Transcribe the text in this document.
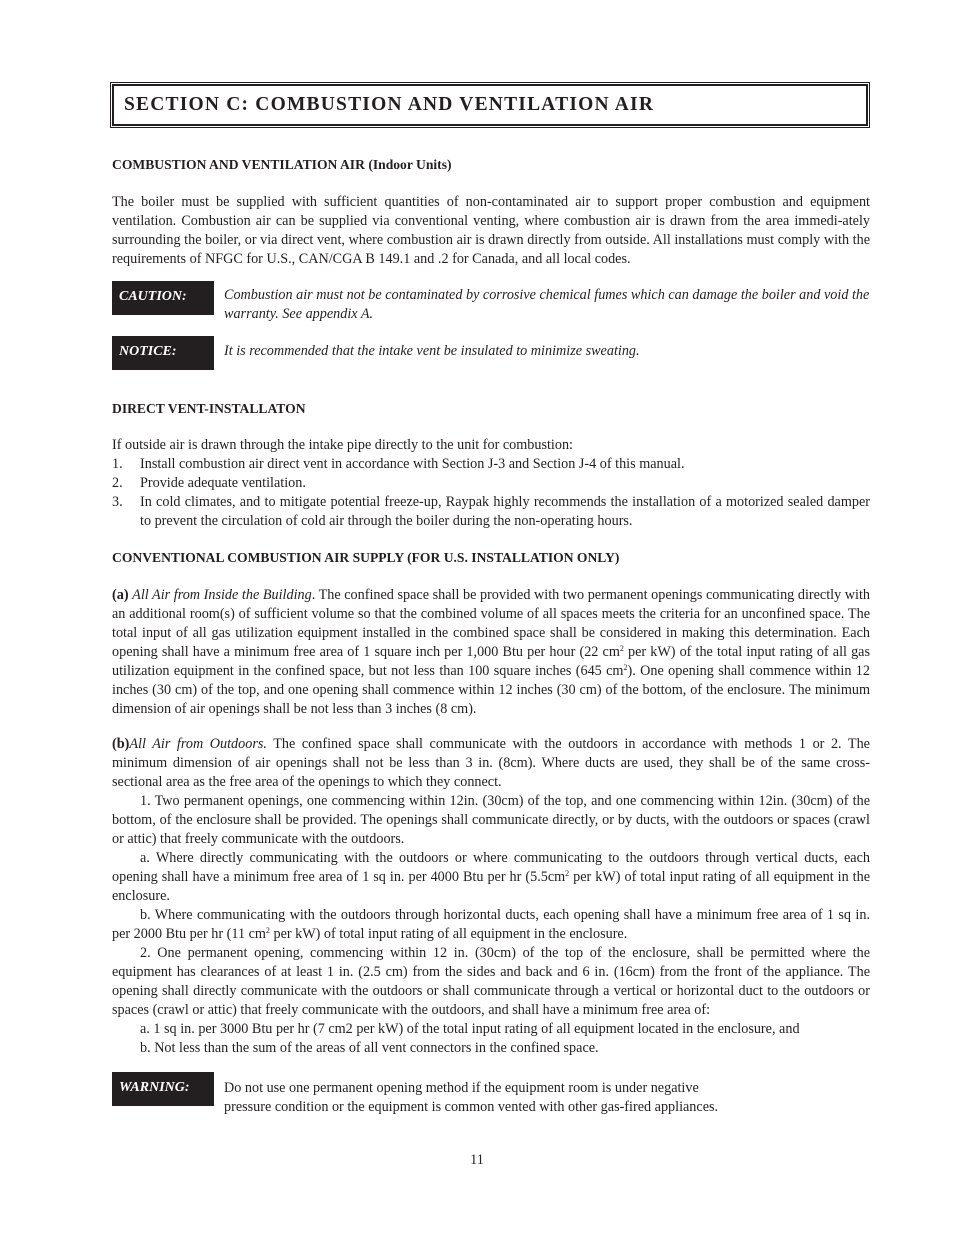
SECTION C: COMBUSTION AND VENTILATION AIR
COMBUSTION AND VENTILATION AIR (Indoor Units)

The boiler must be supplied with sufficient quantities of non-contaminated air to support proper combustion and equipment ventilation. Combustion air can be supplied via conventional venting, where combustion air is drawn from the area immedi-ately surrounding the boiler, or via direct vent, where combustion air is drawn directly from outside. All installations must comply with the requirements of NFGC for U.S., CAN/CGA B 149.1 and .2 for Canada, and all local codes.

CAUTION:	Combustion air must not be contaminated by corrosive chemical fumes which can damage the boiler and void the warranty. See appendix A.
NOTICE:	It is recommended that the intake vent be insulated to minimize sweating.
DIRECT VENT-INSTALLATON
If outside air is drawn through the intake pipe directly to the unit for combustion:
1. Install combustion air direct vent in accordance with Section J-3 and Section J-4 of this manual.
2. Provide adequate ventilation.
3. In cold climates, and to mitigate potential freeze-up, Raypak highly recommends the installation of a motorized sealed damper to prevent the circulation of cold air through the boiler during the non-operating hours.
CONVENTIONAL COMBUSTION AIR SUPPLY (FOR U.S. INSTALLATION ONLY)

(a) All Air from Inside the Building. The confined space shall be provided with two permanent openings communicating directly with an additional room(s) of sufficient volume so that the combined volume of all spaces meets the criteria for an unconfined space. The total input of all gas utilization equipment installed in the combined space shall be considered in making this determination. Each opening shall have a minimum free area of 1 square inch per 1,000 Btu per hour (22 $cm^2$ per kW) of the total input rating of all gas utilization equipment in the confined space, but not less than 100 square inches (645 $cm^2$). One opening shall commence within 12 inches (30 cm) of the top, and one opening shall commence within 12 inches (30 cm) of the bottom, of the enclosure. The minimum dimension of air openings shall be not less than 3 inches (8 cm).

(b)All Air from Outdoors. The confined space shall communicate with the outdoors in accordance with methods 1 or 2. The minimum dimension of air openings shall not be less than 3 in. (8cm). Where ducts are used, they shall be of the same cross-sectional area as the free area of the openings to which they connect.

1. Two permanent openings, one commencing within 12in. (30cm) of the top, and one commencing within 12in. (30cm) of the bottom, of the enclosure shall be provided. The openings shall communicate directly, or by ducts, with the outdoors or spaces (crawl or attic) that freely communicate with the outdoors.

a. Where directly communicating with the outdoors or where communicating to the outdoors through vertical ducts, each opening shall have a minimum free area of 1 sq in. per 4000 Btu per hr ($5.5cm^2$ per kW) of total input rating of all equipment in the enclosure.

b. Where communicating with the outdoors through horizontal ducts, each opening shall have a minimum free area of 1 sq in. per 2000 Btu per hr (11 $cm^2$ per kW) of total input rating of all equipment in the enclosure.

2. One permanent opening, commencing within 12 in. (30cm) of the top of the enclosure, shall be permitted where the equipment has clearances of at least 1 in. (2.5 cm) from the sides and back and 6 in. (16cm) from the front of the appliance. The opening shall directly communicate with the outdoors or shall communicate through a vertical or horizontal duct to the outdoors or spaces (crawl or attic) that freely communicate with the outdoors, and shall have a minimum free area of:

a. 1 sq in. per 3000 Btu per hr (7 cm2 per kW) of the total input rating of all equipment located in the enclosure, and

b. Not less than the sum of the areas of all vent connectors in the confined space.

WARNING: Do not use one permanent opening method if the equipment room is under negative
pressure condition or the equipment is common vented with other gas-fired appliances.
11
